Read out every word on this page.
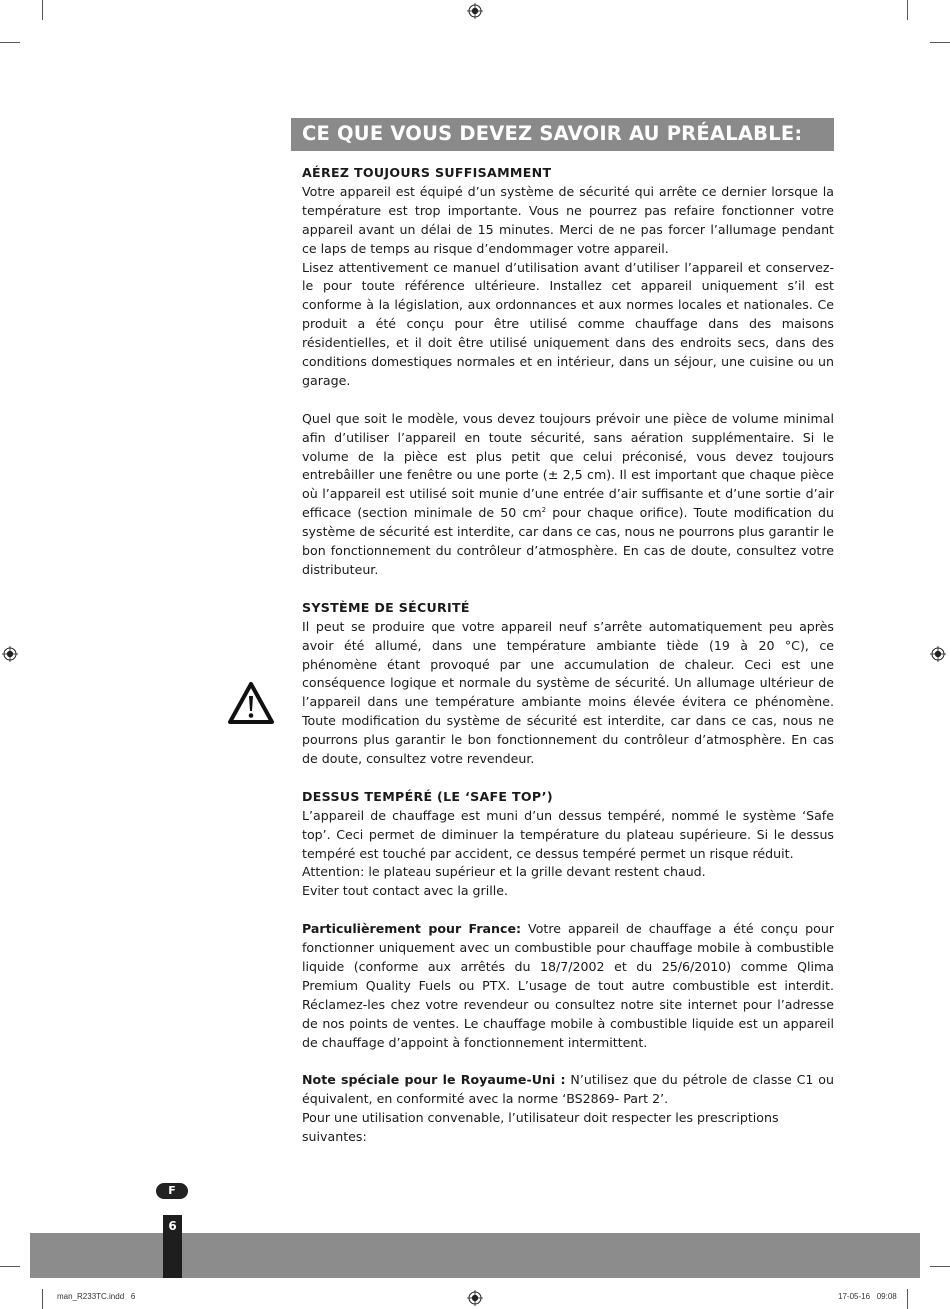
CE QUE VOUS DEVEZ SAVOIR AU PRÉALABLE:
AÉREZ TOUJOURS SUFFISAMMENT

Votre appareil est équipé d’un système de sécurité qui arrête ce dernier lorsque la température est trop importante. Vous ne pourrez pas refaire fonctionner votre appareil avant un délai de 15 minutes. Merci de ne pas forcer l’allumage pendant ce laps de temps au risque d’endommager votre appareil.

Lisez attentivement ce manuel d’utilisation avant d’utiliser l’appareil et conservez-le pour toute référence ultérieure. Installez cet appareil uniquement s’il est conforme à la législation, aux ordonnances et aux normes locales et nationales. Ce produit a été conçu pour être utilisé comme chauffage dans des maisons résidentielles, et il doit être utilisé uniquement dans des endroits secs, dans des conditions domestiques normales et en intérieur, dans un séjour, une cuisine ou un garage.

Quel que soit le modèle, vous devez toujours prévoir une pièce de volume minimal afin d’utiliser l’appareil en toute sécurité, sans aération supplémentaire. Si le volume de la pièce est plus petit que celui préconisé, vous devez toujours entrebâiller une fenêtre ou une porte (± 2,5 cm). Il est important que chaque pièce où l’appareil est utilisé soit munie d’une entrée d’air suffisante et d’une sortie d’air efficace (section minimale de 50 $cm^2$ pour chaque orifice). Toute modification du système de sécurité est interdite, car dans ce cas, nous ne pourrons plus garantir le bon fonctionnement du contrôleur d’atmosphère. En cas de doute, consultez votre distributeur.

SYSTÈME DE SÉCURITÉ

Il peut se produire que votre appareil neuf s’arrête automatiquement peu après avoir été allumé, dans une température ambiante tiède (19 à 20 °C), ce phénomène étant provoqué par une accumulation de chaleur. Ceci est une conséquence logique et normale du système de sécurité. Un allumage ultérieur de l’appareil dans une température ambiante moins élevée évitera ce phénomène. Toute modification du système de sécurité est interdite, car dans ce cas, nous ne pourrons plus garantir le bon fonctionnement du contrôleur d’atmosphère. En cas de doute, consultez votre revendeur.

DESSUS TEMPÉRÉ (LE ‘SAFE TOP’)

L’appareil de chauffage est muni d’un dessus tempéré, nommé le système ‘Safe top’. Ceci permet de diminuer la température du plateau supérieure. Si le dessus tempéré est touché par accident, ce dessus tempéré permet un risque réduit.

Attention: le plateau supérieur et la grille devant restent chaud.

Eviter tout contact avec la grille.

Particulièrement pour France: Votre appareil de chauffage a été conçu pour fonctionner uniquement avec un combustible pour chauffage mobile à combustible liquide (conforme aux arrêtés du 18/7/2002 et du 25/6/2010) comme Qlima Premium Quality Fuels ou PTX. L’usage de tout autre combustible est interdit. Réclamez-les chez votre revendeur ou consultez notre site internet pour l’adresse de nos points de ventes. Le chauffage mobile à combustible liquide est un appareil de chauffage d’appoint à fonctionnement intermittent.

Note spéciale pour le Royaume-Uni : N’utilisez que du pétrole de classe C1 ou équivalent, en conformité avec la norme ‘BS2869- Part 2’.

Pour une utilisation convenable, l’utilisateur doit respecter les prescriptions suivantes:

F
6
man_R233TC.indd   6	17-05-16   09:08
